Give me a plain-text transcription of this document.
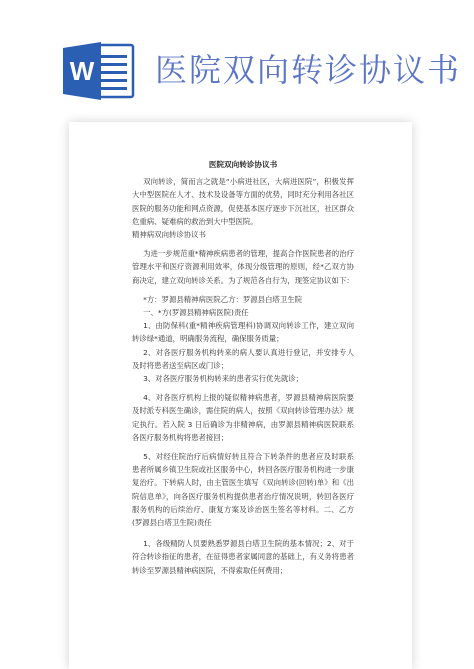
W 医院双向转诊协议书
医院双向转诊协议书

双向转诊，简而言之就是“小病进社区，大病进医院”，积极发挥大中型医院在人才、技术及设备等方面的优势，同时充分利用各社区医院的服务功能和网点资源，促使基本医疗逐步下沉社区，社区群众危重病、疑难病的救治到大中型医院。

精神病双向转诊协议书

为进一步规范重*精神疾病患者的管理，提高合作医院患者的治疗管理水平和医疗资源利用效率，体现分级管理的原则，经*乙双方协商决定，建立双向转诊关系。为了规范各自行为，现签定协议如下：

*方：罗源县精神病医院乙方：罗源县白塔卫生院

一、*方(罗源县精神病医院)责任

1、由防保科(重*精神疾病管理科)协调双向转诊工作，建立双向转诊绿*通道，明确服务流程，确保服务质量；

2、对各医疗服务机构转来的病人要认真进行登记，并安排专人及时将患者送至病区或门诊；

3、对各医疗服务机构转来的患者实行优先就诊；

4、对各医疗机构上报的疑似精神病患者，罗源县精神病医院要及时派专科医生确诊，需住院的病人，按照《双向转诊管理办法》规定执行。若入院 3 日后确诊为非精神病，由罗源县精神病医院联系各医疗服务机构将患者接回；

5、对经住院治疗后病情好转且符合下转条件的患者应及时联系患者所属乡镇卫生院或社区服务中心，转回各医疗服务机构进一步康复治疗。下转病人时，由主管医生填写《双向转诊(回转)单》和《出院信息单》，向各医疗服务机构提供患者治疗情况说明，转回各医疗服务机构的后续治疗、康复方案及诊治医生签名等材料。二、乙方(罗源县白塔卫生院)责任

1、各级精防人员要熟悉罗源县白塔卫生院的基本情况；2、对于符合转诊指征的患者，在征得患者家属同意的基础上，有义务将患者转诊至罗源县精神病医院，不得索取任何费用；
